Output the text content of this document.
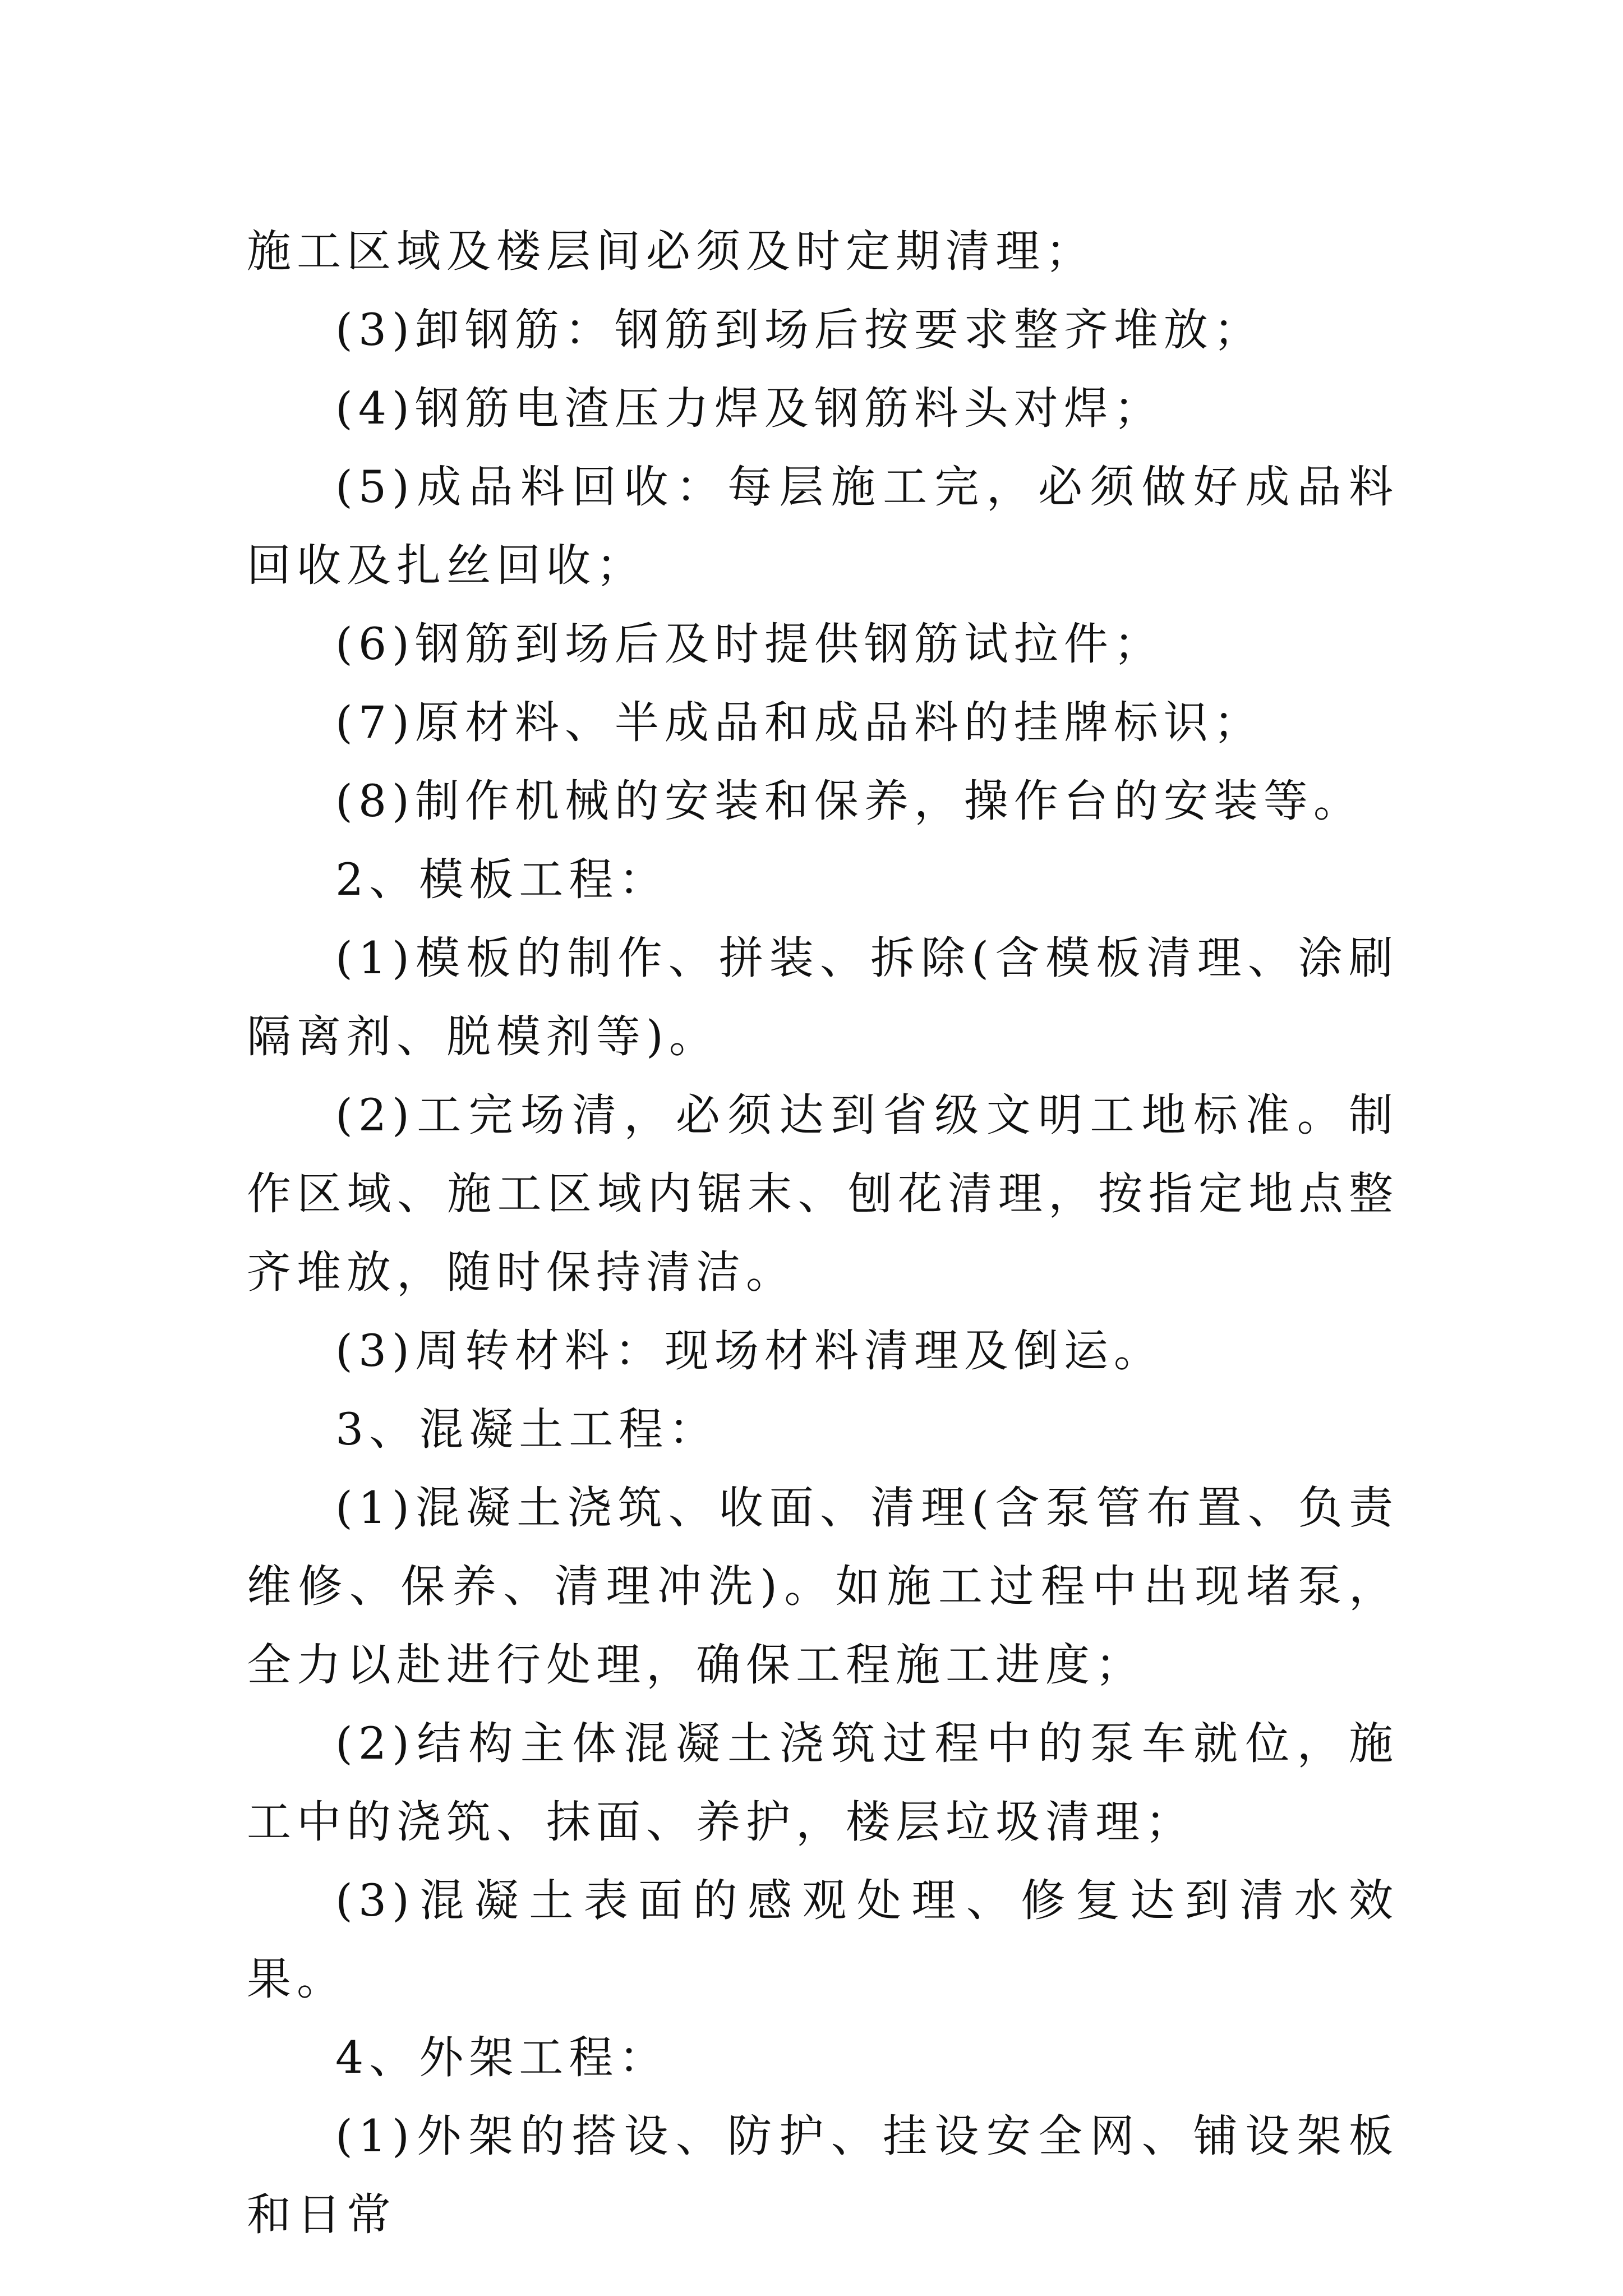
施工区域及楼层间必须及时定期清理；

(3)卸钢筋：钢筋到场后按要求整齐堆放；

(4)钢筋电渣压力焊及钢筋料头对焊；

(5)成品料回收：每层施工完，必须做好成品料回收及扎丝回收；

(6)钢筋到场后及时提供钢筋试拉件；

(7)原材料、半成品和成品料的挂牌标识；

(8)制作机械的安装和保养，操作台的安装等。

2、模板工程：

(1)模板的制作、拼装、拆除(含模板清理、涂刷隔离剂、脱模剂等)。

(2)工完场清，必须达到省级文明工地标准。制作区域、施工区域内锯末、刨花清理，按指定地点整齐堆放，随时保持清洁。

(3)周转材料：现场材料清理及倒运。

3、混凝土工程：

(1)混凝土浇筑、收面、清理(含泵管布置、负责维修、保养、清理冲洗)。如施工过程中出现堵泵，全力以赴进行处理，确保工程施工进度；

(2)结构主体混凝土浇筑过程中的泵车就位，施工中的浇筑、抹面、养护，楼层垃圾清理；

(3)混凝土表面的感观处理、修复达到清水效果。

4、外架工程：

(1)外架的搭设、防护、挂设安全网、铺设架板和日常
